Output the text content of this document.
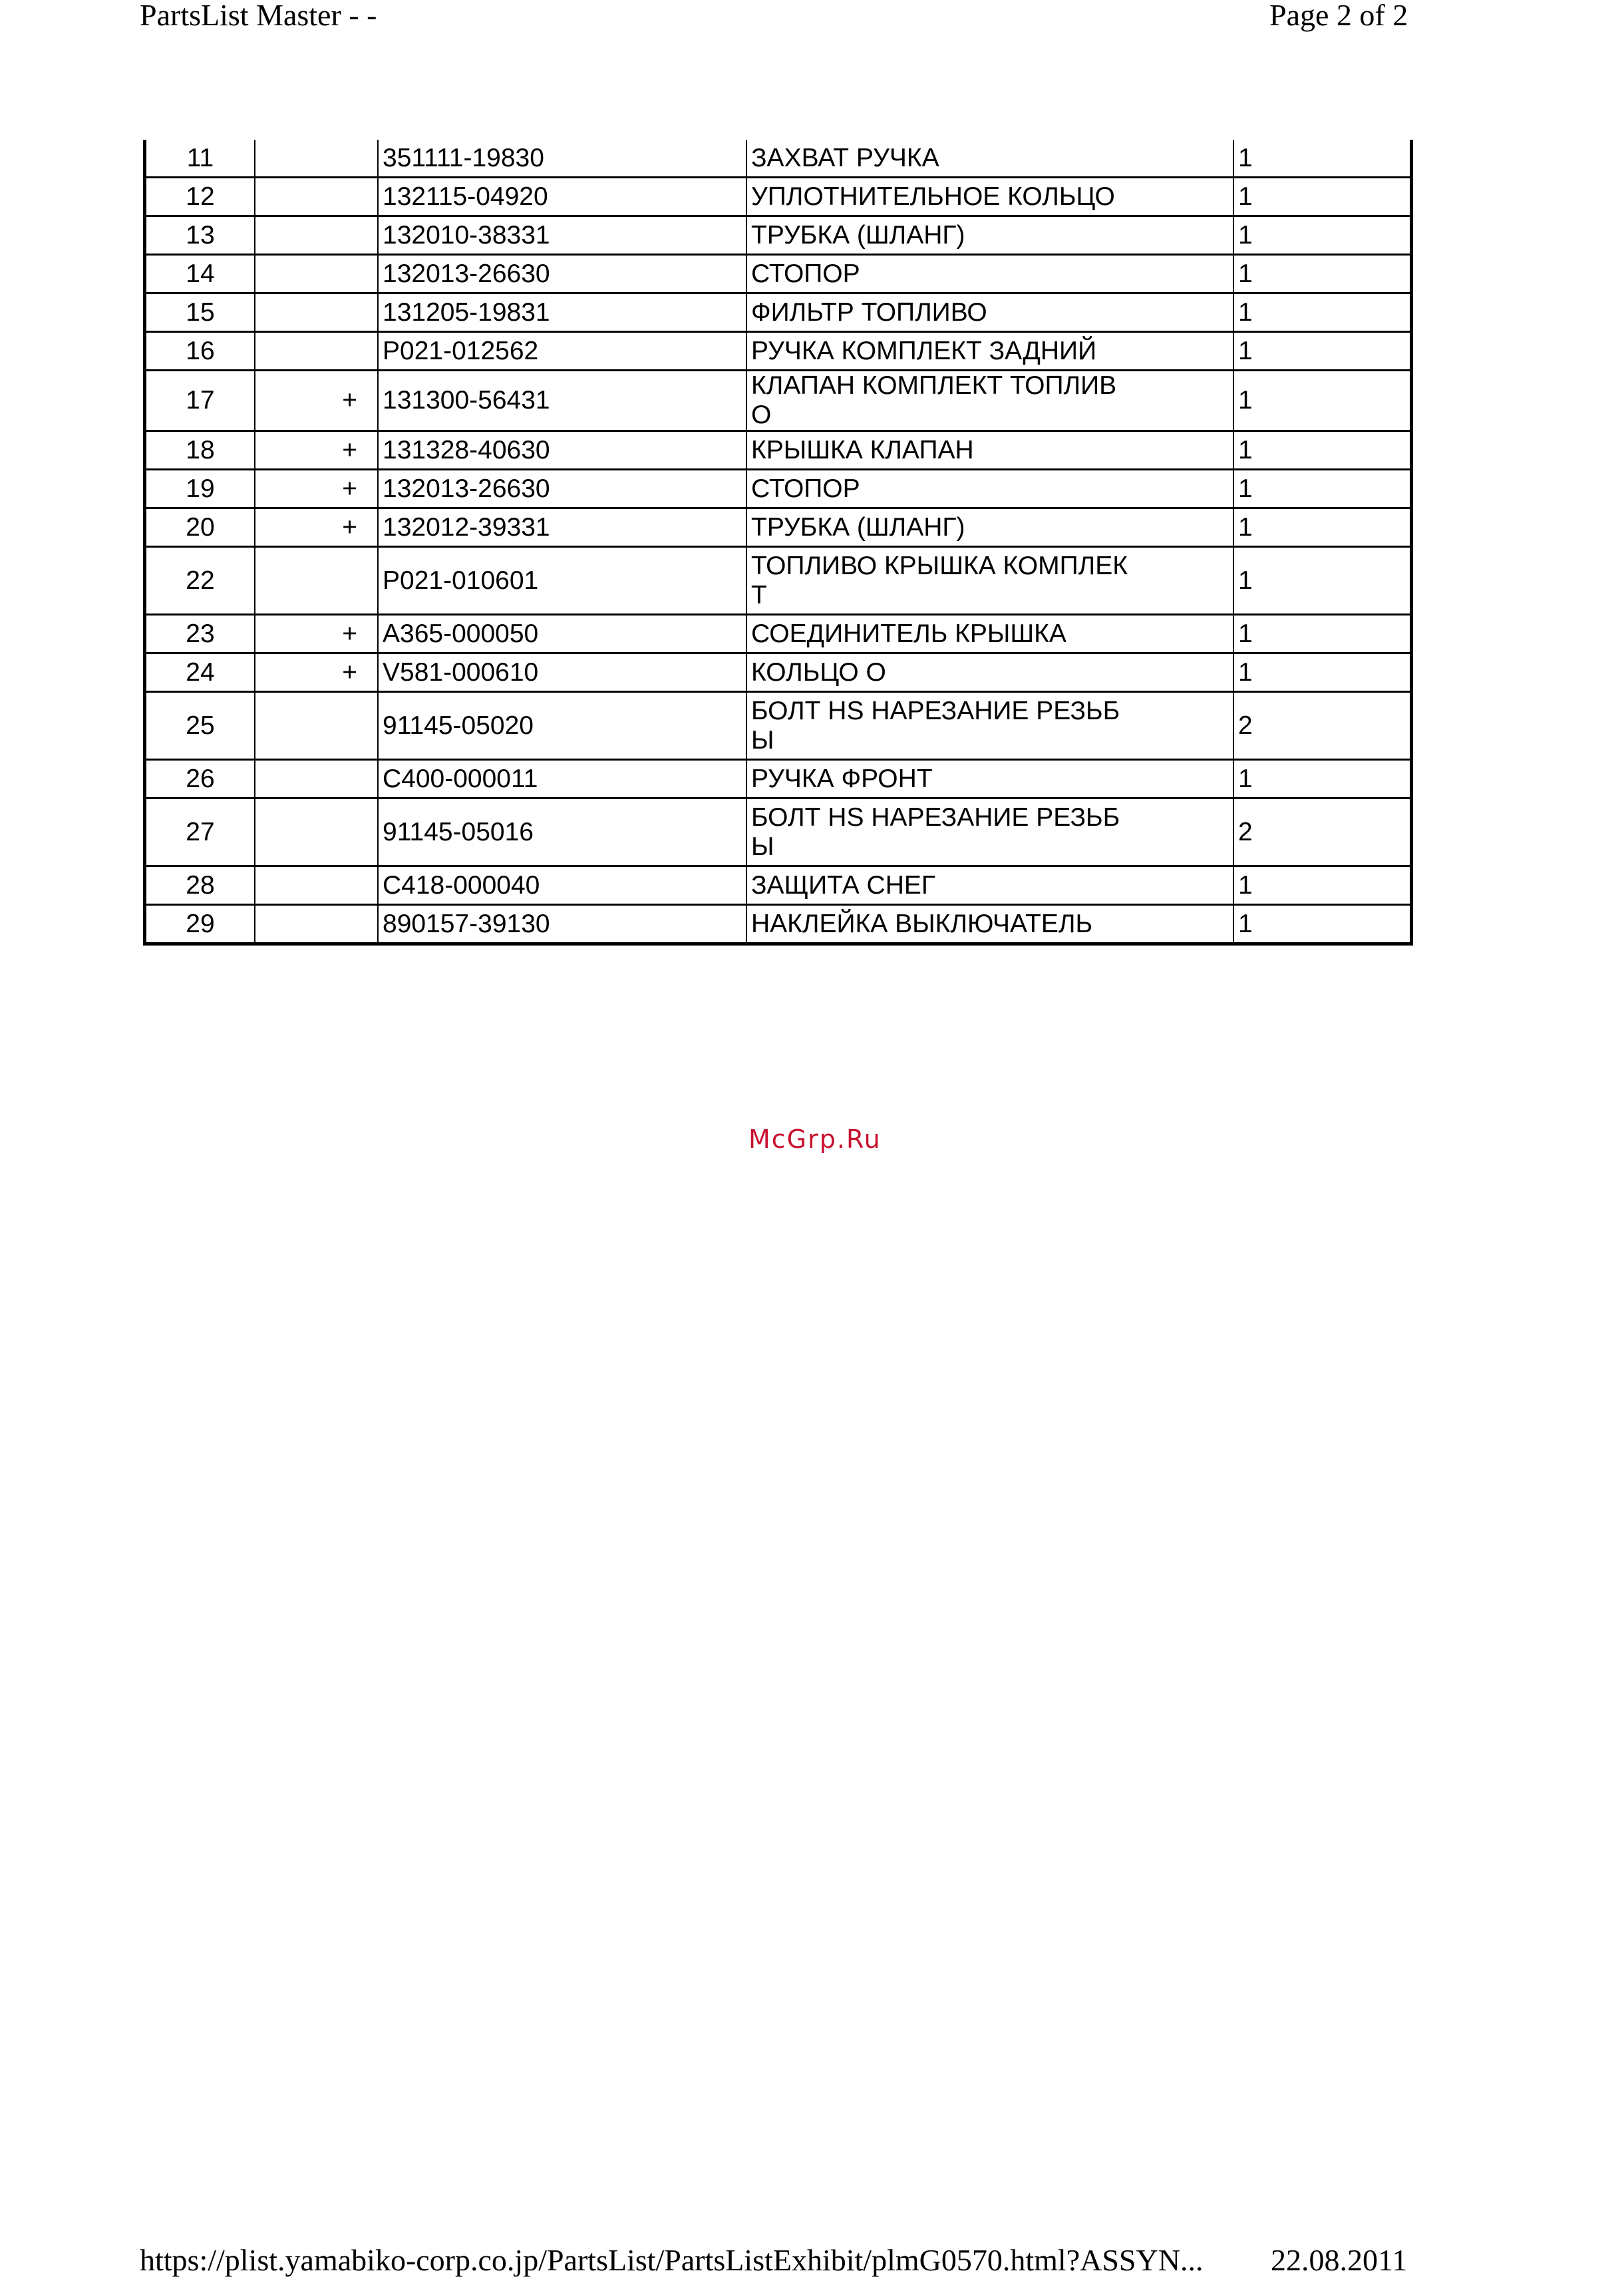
PartsList Master - -	Page 2 of 2
11		351111-19830	ЗАХВАТ РУЧКА	1
12		132115-04920	УПЛОТНИТЕЛЬНОЕ КОЛЬЦО	1
13		132010-38331	ТРУБКА (ШЛАНГ)	1
14		132013-26630	СТОПОР	1
15		131205-19831	ФИЛЬТР ТОПЛИВО	1
16		P021-012562	РУЧКА КОМПЛЕКТ ЗАДНИЙ	1
17	+	131300-56431	КЛАПАН КОМПЛЕКТ ТОПЛИВО	1
18	+	131328-40630	КРЫШКА КЛАПАН	1
19	+	132013-26630	СТОПОР	1
20	+	132012-39331	ТРУБКА (ШЛАНГ)	1
22		P021-010601	ТОПЛИВО КРЫШКА КОМПЛЕКТ	1
23	+	A365-000050	СОЕДИНИТЕЛЬ КРЫШКА	1
24	+	V581-000610	КОЛЬЦО О	1
25		91145-05020	БОЛТ HS НАРЕЗАНИЕ РЕЗЬБЫ	2
26		C400-000011	РУЧКА ФРОНТ	1
27		91145-05016	БОЛТ HS НАРЕЗАНИЕ РЕЗЬБЫ	2
28		C418-000040	ЗАЩИТА СНЕГ	1
29		890157-39130	НАКЛЕЙКА ВЫКЛЮЧАТЕЛЬ	1
McGrp.Ru
https://plist.yamabiko-corp.co.jp/PartsList/PartsListExhibit/plmG0570.html?ASSYN... 22.08.2011
